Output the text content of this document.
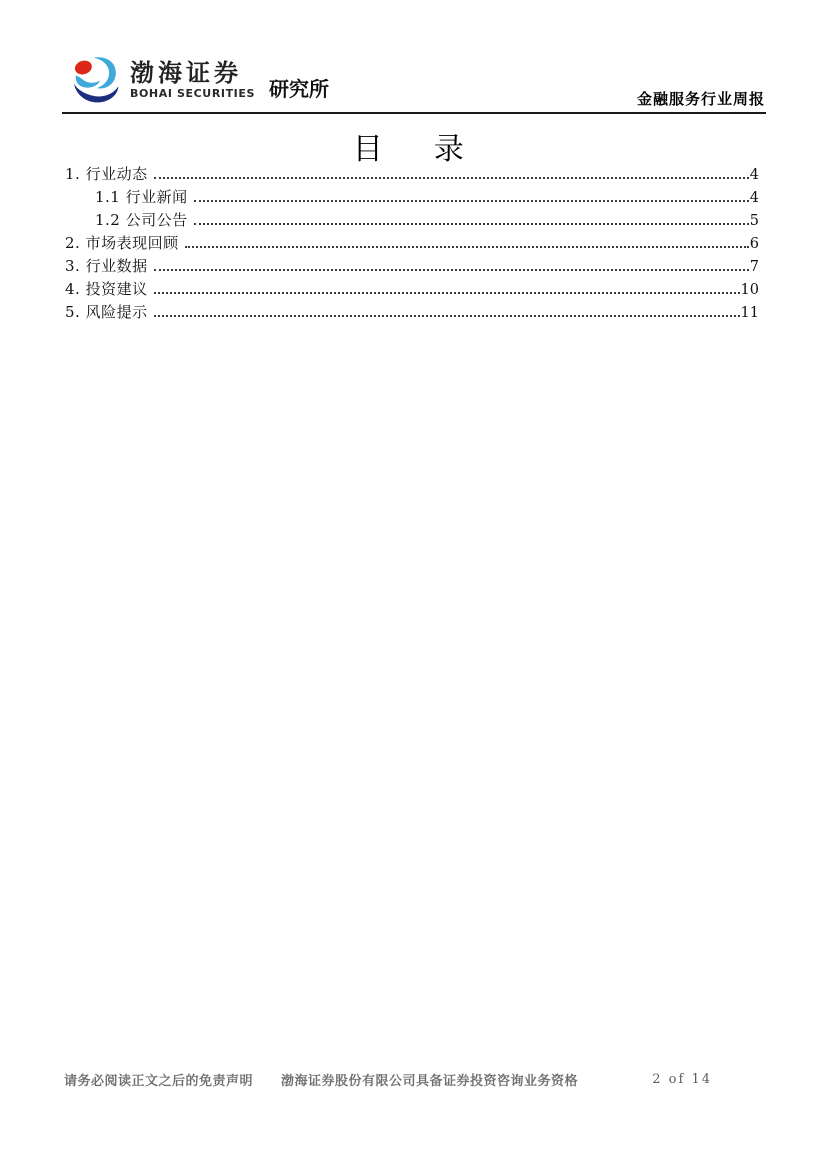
渤海证券
BOHAI SECURITIES 研究所	金融服务行业周报
目　录
1. 行业动态	4
1.1 行业新闻	4
1.2 公司公告	5
2. 市场表现回顾	6
3. 行业数据	7
4. 投资建议	10
5. 风险提示	11
请务必阅读正文之后的免责声明 渤海证券股份有限公司具备证券投资咨询业务资格	2 of 14
